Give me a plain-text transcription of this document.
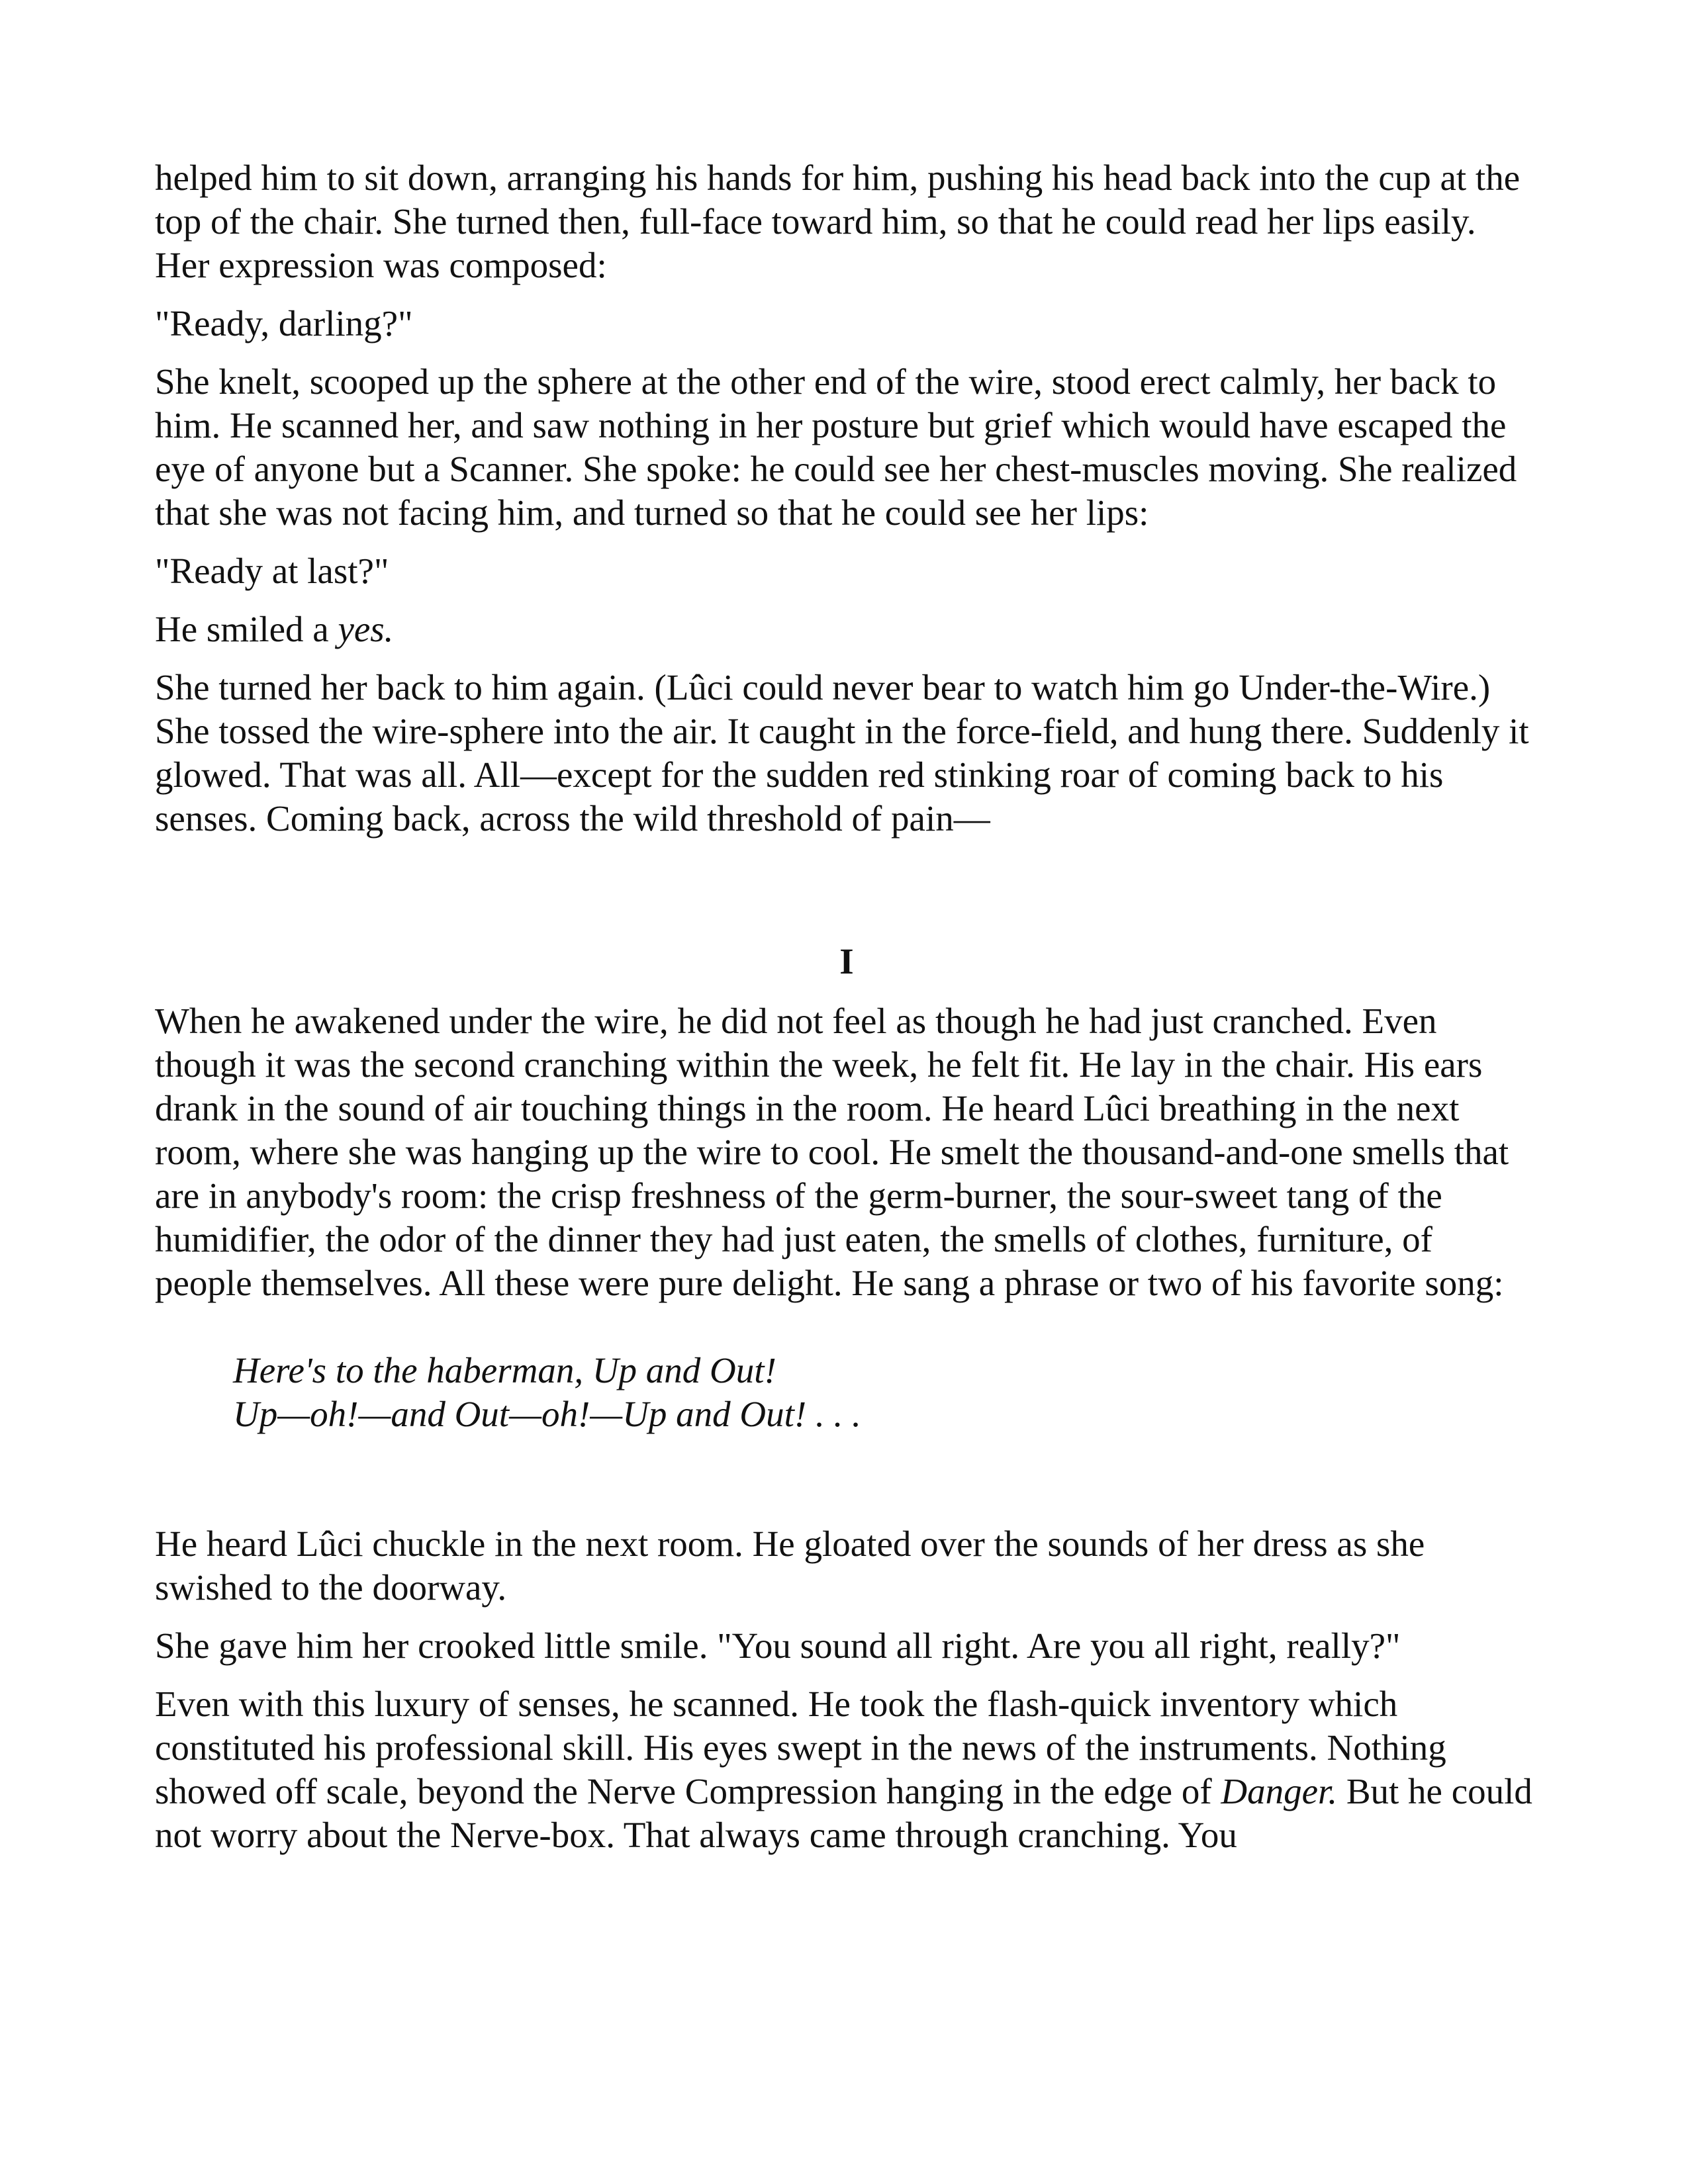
helped him to sit down, arranging his hands for him, pushing his head back into the cup at the top of the chair. She turned then, full-face toward him, so that he could read her lips easily. Her expression was composed:

"Ready, darling?"

She knelt, scooped up the sphere at the other end of the wire, stood erect calmly, her back to him. He scanned her, and saw nothing in her posture but grief which would have escaped the eye of anyone but a Scanner. She spoke: he could see her chest-muscles moving. She realized that she was not facing him, and turned so that he could see her lips:

"Ready at last?"

He smiled a yes.

She turned her back to him again. (Lûci could never bear to watch him go Under-the-Wire.) She tossed the wire-sphere into the air. It caught in the force-field, and hung there. Suddenly it glowed. That was all. All—except for the sudden red stinking roar of coming back to his senses. Coming back, across the wild threshold of pain—

I

When he awakened under the wire, he did not feel as though he had just cranched. Even though it was the second cranching within the week, he felt fit. He lay in the chair. His ears drank in the sound of air touching things in the room. He heard Lûci breathing in the next room, where she was hanging up the wire to cool. He smelt the thousand-and-one smells that are in anybody's room: the crisp freshness of the germ-burner, the sour-sweet tang of the humidifier, the odor of the dinner they had just eaten, the smells of clothes, furniture, of people themselves. All these were pure delight. He sang a phrase or two of his favorite song:

Here's to the haberman, Up and Out!
Up—oh!—and Out—oh!—Up and Out! . . .

He heard Lûci chuckle in the next room. He gloated over the sounds of her dress as she swished to the doorway.

She gave him her crooked little smile. "You sound all right. Are you all right, really?"

Even with this luxury of senses, he scanned. He took the flash-quick inventory which constituted his professional skill. His eyes swept in the news of the instruments. Nothing showed off scale, beyond the Nerve Compression hanging in the edge of Danger. But he could not worry about the Nerve-box. That always came through cranching. You
